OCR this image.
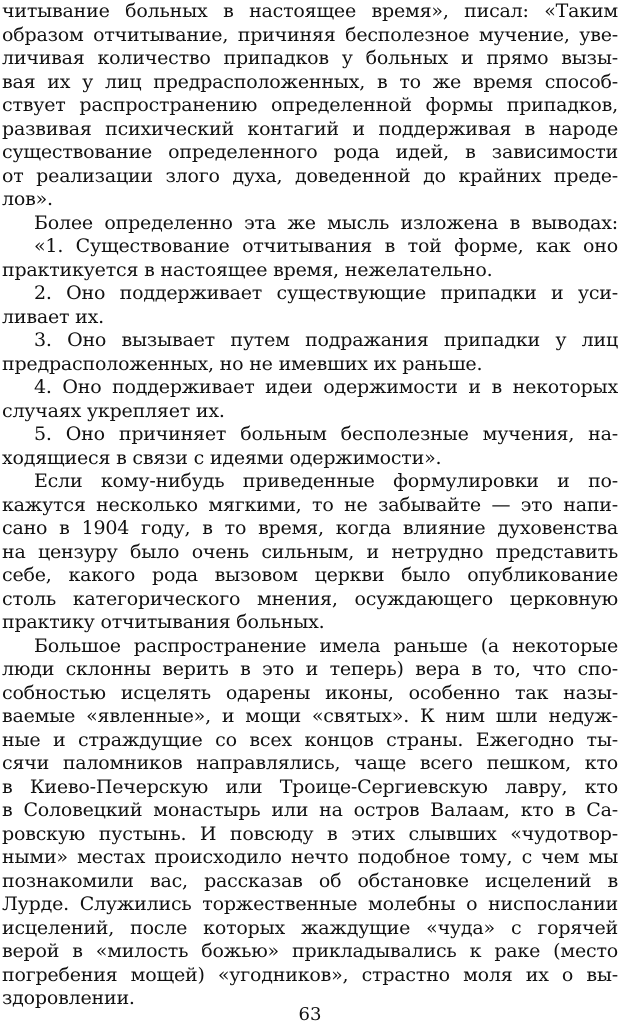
читывание больных в настоящее время», писал: «Таким
образом отчитывание, причиняя бесполезное мучение, уве-
личивая количество припадков у больных и прямо вызы-
вая их у лиц предрасположенных, в то же время способ-
ствует распространению определенной формы припадков,
развивая психический контагий и поддерживая в народе
существование определенного рода идей, в зависимости
от реализации злого духа, доведенной до крайних преде-
лов».
Более определенно эта же мысль изложена в выводах:
«1. Существование отчитывания в той форме, как оно
практикуется в настоящее время, нежелательно.
2. Оно поддерживает существующие припадки и уси-
ливает их.
3. Оно вызывает путем подражания припадки у лиц
предрасположенных, но не имевших их раньше.
4. Оно поддерживает идеи одержимости и в некоторых
случаях укрепляет их.
5. Оно причиняет больным бесполезные мучения, на-
ходящиеся в связи с идеями одержимости».
Если кому-нибудь приведенные формулировки и по-
кажутся несколько мягкими, то не забывайте — это напи-
сано в 1904 году, в то время, когда влияние духовенства
на цензуру было очень сильным, и нетрудно представить
себе, какого рода вызовом церкви было опубликование
столь категорического мнения, осуждающего церковную
практику отчитывания больных.
Большое распространение имела раньше (а некоторые
люди склонны верить в это и теперь) вера в то, что спо-
собностью исцелять одарены иконы, особенно так назы-
ваемые «явленные», и мощи «святых». К ним шли недуж-
ные и страждущие со всех концов страны. Ежегодно ты-
сячи паломников направлялись, чаще всего пешком, кто
в Киево-Печерскую или Троице-Сергиевскую лавру, кто
в Соловецкий монастырь или на остров Валаам, кто в Са-
ровскую пустынь. И повсюду в этих слывших «чудотвор-
ными» местах происходило нечто подобное тому, с чем мы
познакомили вас, рассказав об обстановке исцелений в
Лурде. Служились торжественные молебны о ниспослании
исцелений, после которых жаждущие «чуда» с горячей
верой в «милость божью» прикладывались к раке (место
погребения мощей) «угодников», страстно моля их о вы-
здоровлении.
63
